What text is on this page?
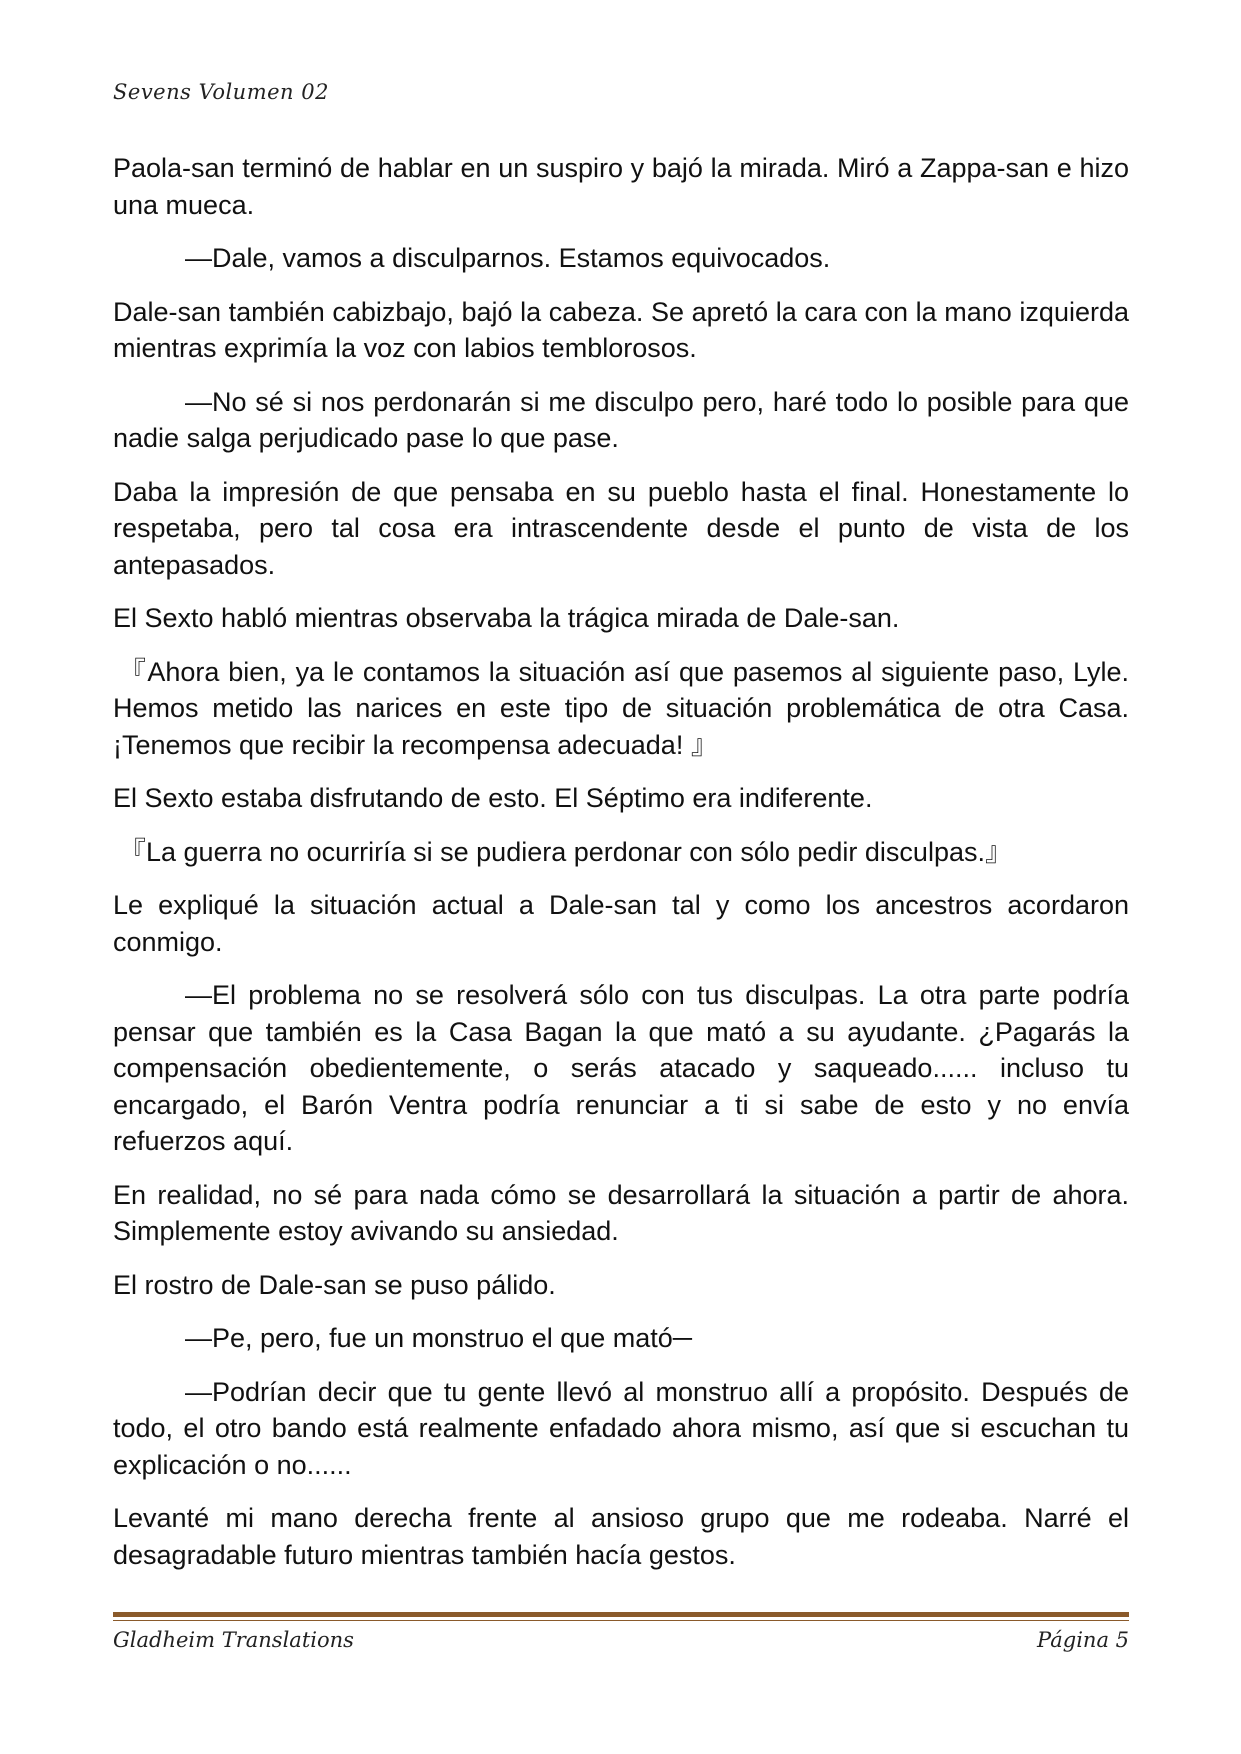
Sevens Volumen 02

Paola-san terminó de hablar en un suspiro y bajó la mirada. Miró a Zappa-san e hizo una mueca.

—Dale, vamos a disculparnos. Estamos equivocados.

Dale-san también cabizbajo, bajó la cabeza. Se apretó la cara con la mano izquierda mientras exprimía la voz con labios temblorosos.

—No sé si nos perdonarán si me disculpo pero, haré todo lo posible para que nadie salga perjudicado pase lo que pase.

Daba la impresión de que pensaba en su pueblo hasta el final. Honestamente lo respetaba, pero tal cosa era intrascendente desde el punto de vista de los antepasados.

El Sexto habló mientras observaba la trágica mirada de Dale-san.

『Ahora bien, ya le contamos la situación así que pasemos al siguiente paso, Lyle. Hemos metido las narices en este tipo de situación problemática de otra Casa. ¡Tenemos que recibir la recompensa adecuada! 』

El Sexto estaba disfrutando de esto. El Séptimo era indiferente.

『La guerra no ocurriría si se pudiera perdonar con sólo pedir disculpas.』

Le expliqué la situación actual a Dale-san tal y como los ancestros acordaron conmigo.

—El problema no se resolverá sólo con tus disculpas. La otra parte podría pensar que también es la Casa Bagan la que mató a su ayudante. ¿Pagarás la compensación obedientemente, o serás atacado y saqueado...... incluso tu encargado, el Barón Ventra podría renunciar a ti si sabe de esto y no envía refuerzos aquí.

En realidad, no sé para nada cómo se desarrollará la situación a partir de ahora. Simplemente estoy avivando su ansiedad.

El rostro de Dale-san se puso pálido.

—Pe, pero, fue un monstruo el que mató─

—Podrían decir que tu gente llevó al monstruo allí a propósito. Después de todo, el otro bando está realmente enfadado ahora mismo, así que si escuchan tu explicación o no......

Levanté mi mano derecha frente al ansioso grupo que me rodeaba. Narré el desagradable futuro mientras también hacía gestos.

Gladheim Translations	Página 5
